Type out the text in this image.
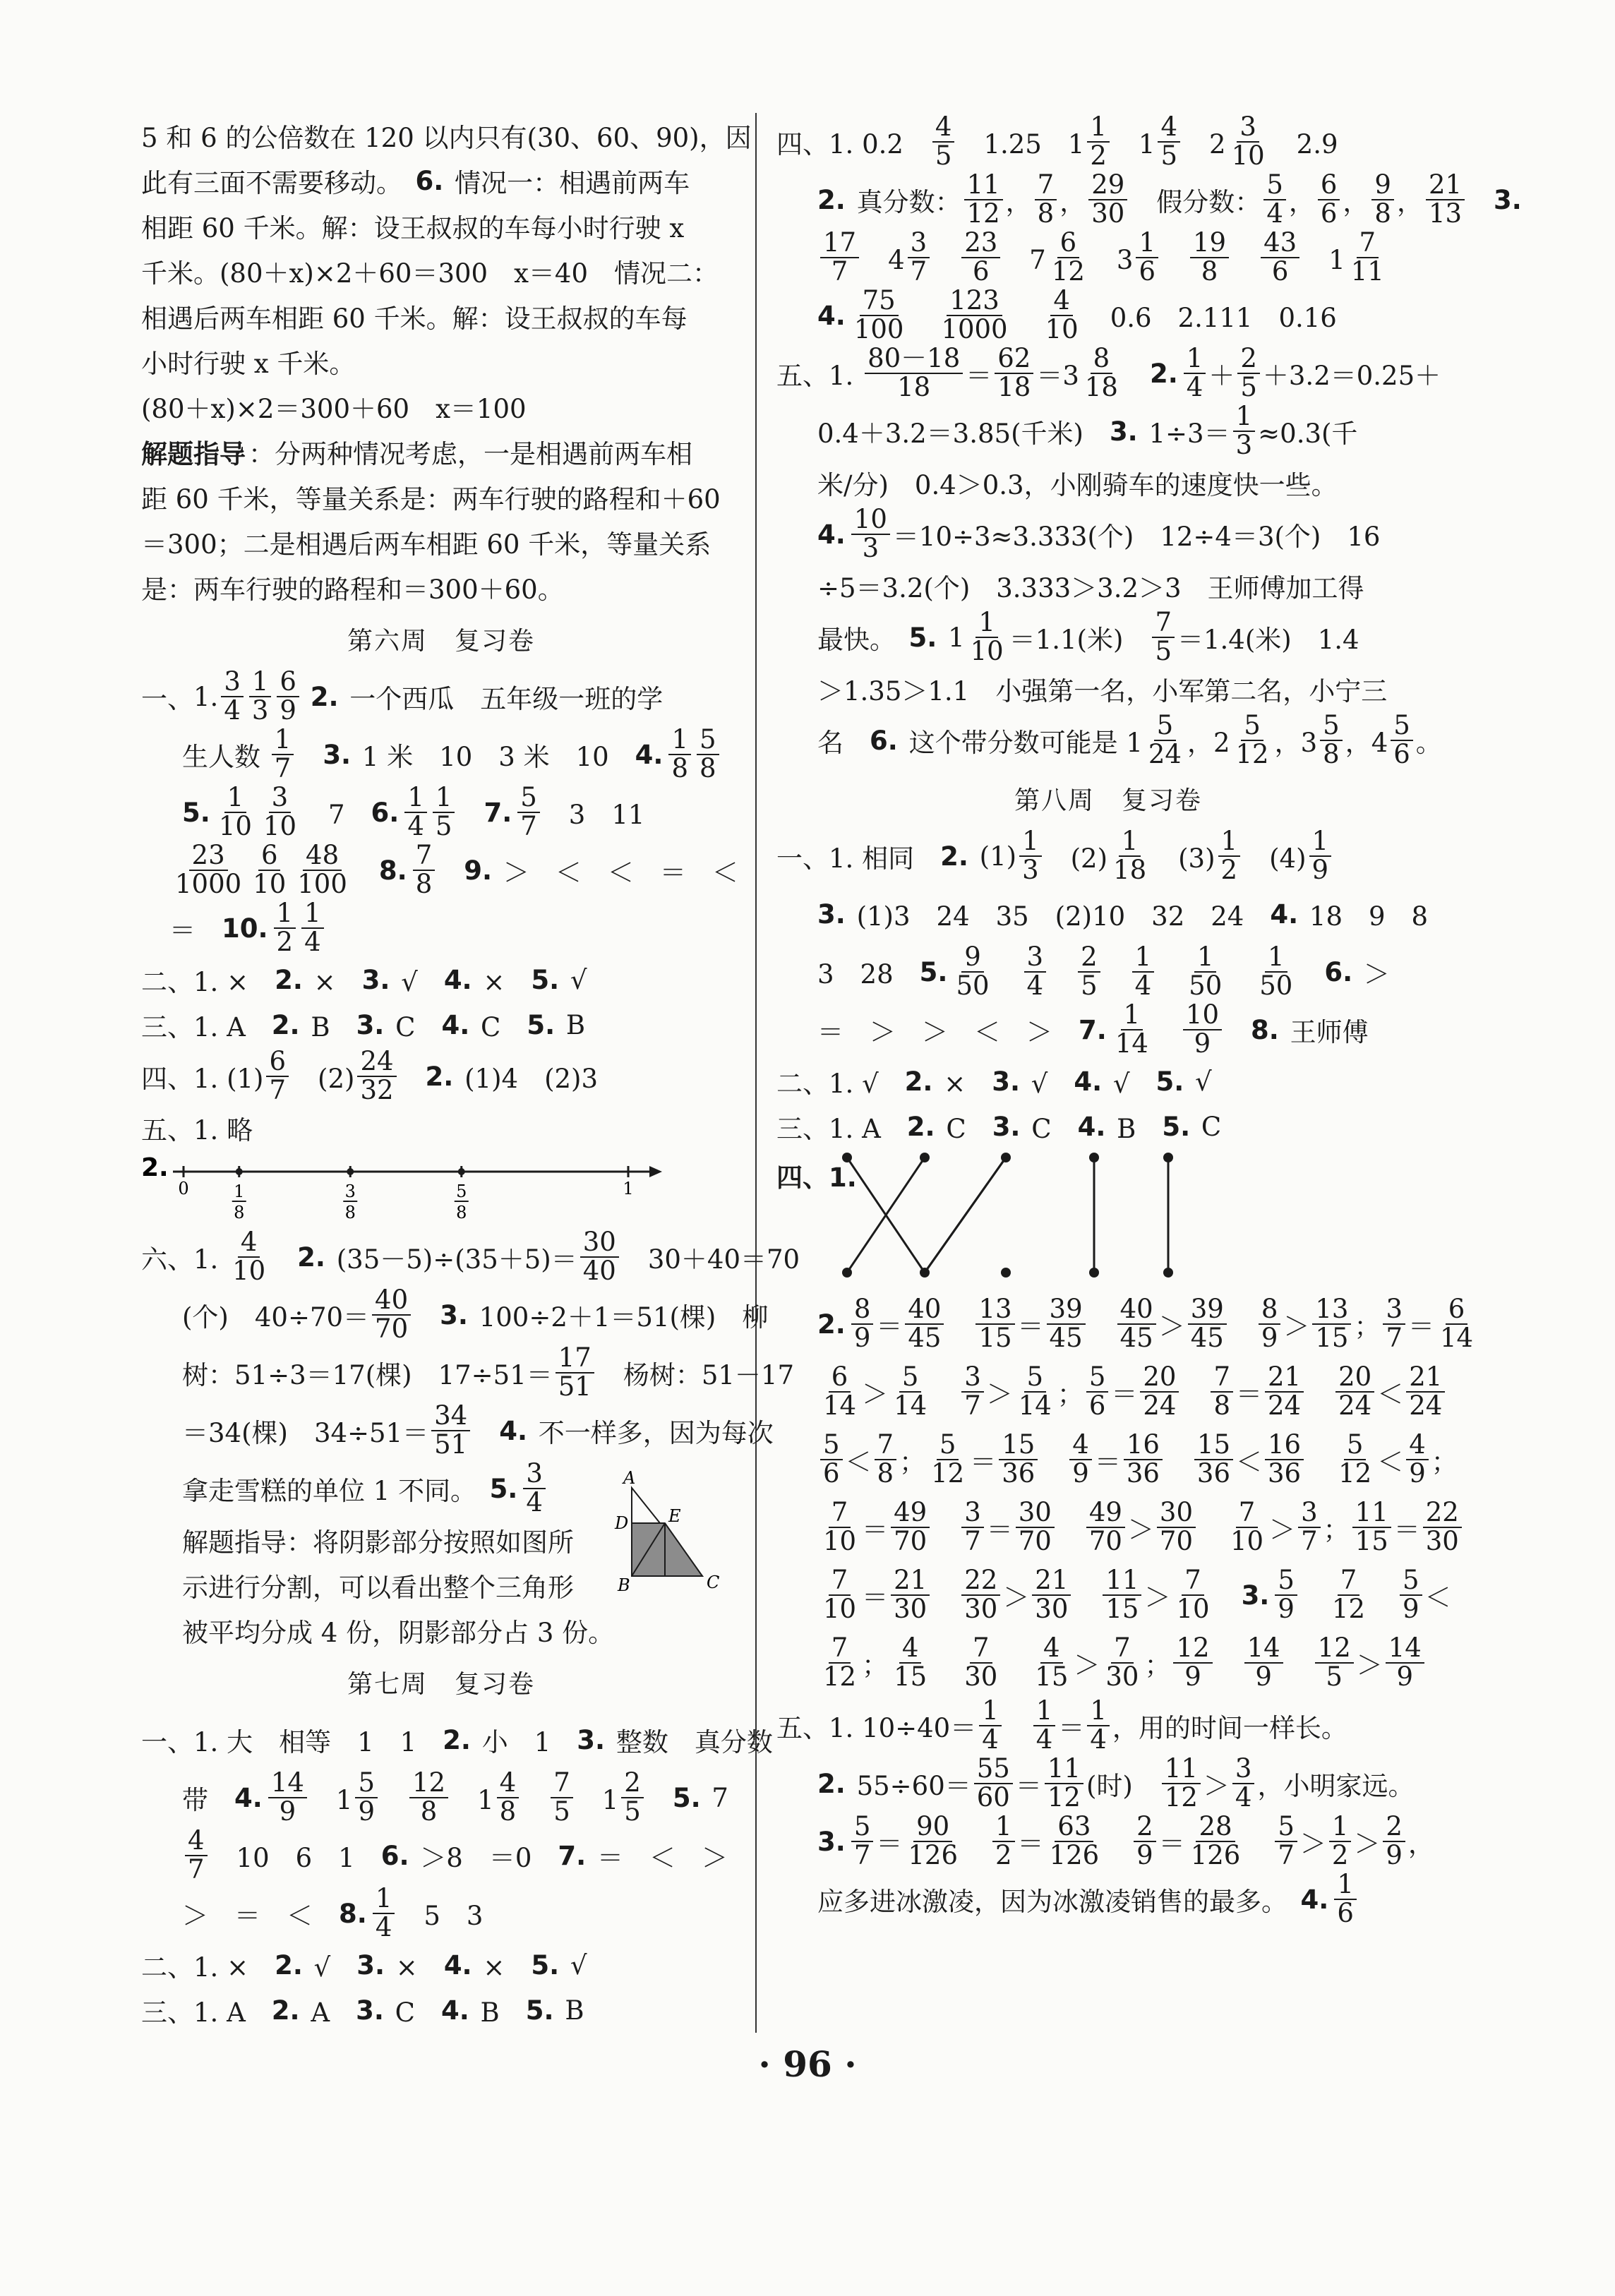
5 和 6 的公倍数在 120 以内只有(30、60、90)，因
此有三面不需要移动。　 6. 情况一：相遇前两车
相距 60 千米。解：设王叔叔的车每小时行驶 x
千米。(80＋x)×2＋60＝300　x＝40　情况二：
相遇后两车相距 60 千米。解：设王叔叔的车每
小时行驶 x 千米。
(80＋x)×2＝300＋60　x＝100
解题指导 ：分两种情况考虑，一是相遇前两车相
距 60 千米，等量关系是：两车行驶的路程和＋60
＝300；二是相遇后两车相距 60 千米，等量关系
是：两车行驶的路程和＝300＋60。
第六周　复习卷
一、 1. $\frac{3}{4} \frac{1}{3} \frac{6}{9}$
2. 一个西瓜　五年级一班的学
生人数 $\frac{1}{7}$
　 3. 1 米　10　3 米　10　 4. $\frac{1}{8} \frac{5}{8}$
5. $\frac{1}{10} \frac{3}{10}$ 　7　 6. $\frac{1}{4} \frac{1}{5}$
　 7. $\frac{5}{7}$ 　3　11
$\frac{23}{1000} \frac{6}{10} \frac{48}{100}$
　 8. $\frac{7}{8}$
　 9. ＞　＜　＜　＝　＜
＝　 10. $\frac{1}{2} \frac{1}{4}$
二、1. ×　 2. ×　 3. √　 4. ×　 5. √
三、1. A　 2. B　 3. C　 4. C　 5. B
四、1. $(1) \frac{6}{7}$ 　$(2) \frac{24}{32}$
　 2. (1)4　(2)3
五、1. 略
2.
0	1
8
3
8
5
8
1
六、1. $\frac{4}{10}$
　 2. $(35-5)\div(35+5)= \frac{30}{40}$ 　30＋40＝70
(个)　$40\div 70= \frac{40}{70}$
　 3. 100÷2＋1＝51(棵)　柳
树：51÷3＝17(棵)　$17\div 51= \frac{17}{51}$ 　杨树：51－17
＝34(棵)　$34\div 51= \frac{34}{51}$
　 4. 不一样多，因为每次
拿走雪糕的单位 1 不同。　 5. $\frac{3}{4}$
解题指导：将阴影部分按照如图所
示进行分割，可以看出整个三角形
被平均分成 4 份，阴影部分占 3 份。
A
D E
B	C
第七周　复习卷
一、1. 大　相等　1　1　 2. 小　1　 3. 整数　真分数
带　 4. $\frac{14}{9}$ 　$1 \frac{5}{9}$
　 $\frac{12}{8}$ 　$1 \frac{4}{8}$
　 $\frac{7}{5}$ 　$1 \frac{2}{5}$
　 5. 7
$\frac{4}{7}$ 　10　6　1　 6. ＞8　＝0　 7. ＝　＜　＞
＞　＝　＜　 8. $\frac{1}{4}$ 　5　3
二、1. ×　 2. √　 3. ×　 4. ×　 5. √
三、1. A　 2. A　 3. C　 4. B　 5. B
四、1. 0.2　 $\frac{4}{5}$ 　1.25　$1 \frac{1}{2}$ 　$1 \frac{4}{5}$ 　$2 \frac{3}{10}$ 　2.9
2. 真分数： $\frac{11}{12}$ ， $\frac{7}{8}$ ， $\frac{29}{30}$ 　假分数： $\frac{5}{4}$ ， $\frac{6}{6}$ ， $\frac{9}{8}$ ， $\frac{21}{13}$
　 3.
$\frac{17}{7}$ 　$4 \frac{3}{7}$
　 $\frac{23}{6}$ 　$7 \frac{6}{12}$ 　$3 \frac{1}{6}$
　 $\frac{19}{8}$
　 $\frac{43}{6}$ 　$1 \frac{7}{11}$
4. $\frac{75}{100}$
　 $\frac{123}{1000}$
　 $\frac{4}{10}$ 　0.6　2.111　0.16
五、1. $\frac{80-18}{18} = \frac{62}{18} =3 \frac{8}{18}$
　 2. $\frac{1}{4} + \frac{2}{5} +3.2=0.25+$
0.4＋3.2＝3.85(千米)　 3. $1\div 3= \frac{1}{3} \approx 0.3$(千
米/分)　0.4＞0.3，小刚骑车的速度快一些。
4. $\frac{10}{3} =10\div 3\approx 3.333$(个)　12÷4＝3(个)　16
÷5＝3.2(个)　3.333＞3.2＞3　王师傅加工得
最快。　 5. $1 \frac{1}{10} =1.1$(米)　 $\frac{7}{5} =1.4$(米)　1.4
＞1.35＞1.1　小强第一名，小军第二名，小宁三
名　 6. 这个带分数可能是 $1 \frac{5}{24}$ ，$2 \frac{5}{12}$ ，$3 \frac{5}{8}$ ，$4 \frac{5}{6}$ 。
第八周　复习卷
一、1. 相同　 2. $(1) \frac{1}{3}$ 　$(2) \frac{1}{18}$ 　$(3) \frac{1}{2}$ 　$(4) \frac{1}{9}$
3. (1)3　24　35　(2)10　32　24　 4. 18　9　8
3　28　 5. $\frac{9}{50}$
　 $\frac{3}{4}$
　 $\frac{2}{5}$
　 $\frac{1}{4}$
　 $\frac{1}{50}$
　 $\frac{1}{50}$
　 6. ＞
＝　＞　＞　＜　＞　 7. $\frac{1}{14}$
　 $\frac{10}{9}$
　 8. 王师傅
二、1. √　 2. ×　 3. √　 4. √　 5. √
三、1. A　 2. C　 3. C　 4. B　 5. C
四、1.
2. $\frac{8}{9} = \frac{40}{45}$
　 $\frac{13}{15} = \frac{39}{45}$
　 $\frac{40}{45} > \frac{39}{45}$
　 $\frac{8}{9} > \frac{13}{15}$ ； $\frac{3}{7} = \frac{6}{14}$
$\frac{6}{14} > \frac{5}{14}$
　 $\frac{3}{7} > \frac{5}{14}$ ； $\frac{5}{6} = \frac{20}{24}$
　 $\frac{7}{8} = \frac{21}{24}$
　 $\frac{20}{24} < \frac{21}{24}$
$\frac{5}{6} < \frac{7}{8}$ ； $\frac{5}{12} = \frac{15}{36}$
　 $\frac{4}{9} = \frac{16}{36}$
　 $\frac{15}{36} < \frac{16}{36}$
　 $\frac{5}{12} < \frac{4}{9}$ ；
$\frac{7}{10} = \frac{49}{70}$
　 $\frac{3}{7} = \frac{30}{70}$
　 $\frac{49}{70} > \frac{30}{70}$
　 $\frac{7}{10} > \frac{3}{7}$ ； $\frac{11}{15} = \frac{22}{30}$
$\frac{7}{10} = \frac{21}{30}$
　 $\frac{22}{30} > \frac{21}{30}$
　 $\frac{11}{15} > \frac{7}{10}$
　 3. $\frac{5}{9}$
　 $\frac{7}{12}$
　 $\frac{5}{9}$ ＜
$\frac{7}{12}$ ； $\frac{4}{15}$
　 $\frac{7}{30}$
　 $\frac{4}{15} > \frac{7}{30}$ ； $\frac{12}{9}$
　 $\frac{14}{9}$
　 $\frac{12}{5} > \frac{14}{9}$
五、1. $10\div 40= \frac{1}{4}$
　 $\frac{1}{4} = \frac{1}{4}$ ，用的时间一样长。
2. $55\div 60= \frac{55}{60} = \frac{11}{12}$ (时)　 $\frac{11}{12} > \frac{3}{4}$ ，小明家远。
3. $\frac{5}{7} = \frac{90}{126}$
　 $\frac{1}{2} = \frac{63}{126}$
　 $\frac{2}{9} = \frac{28}{126}$
　 $\frac{5}{7} > \frac{1}{2} > \frac{2}{9}$ ，
应多进冰激凌，因为冰激凌销售的最多。　 4. $\frac{1}{6}$
· 96 ·
